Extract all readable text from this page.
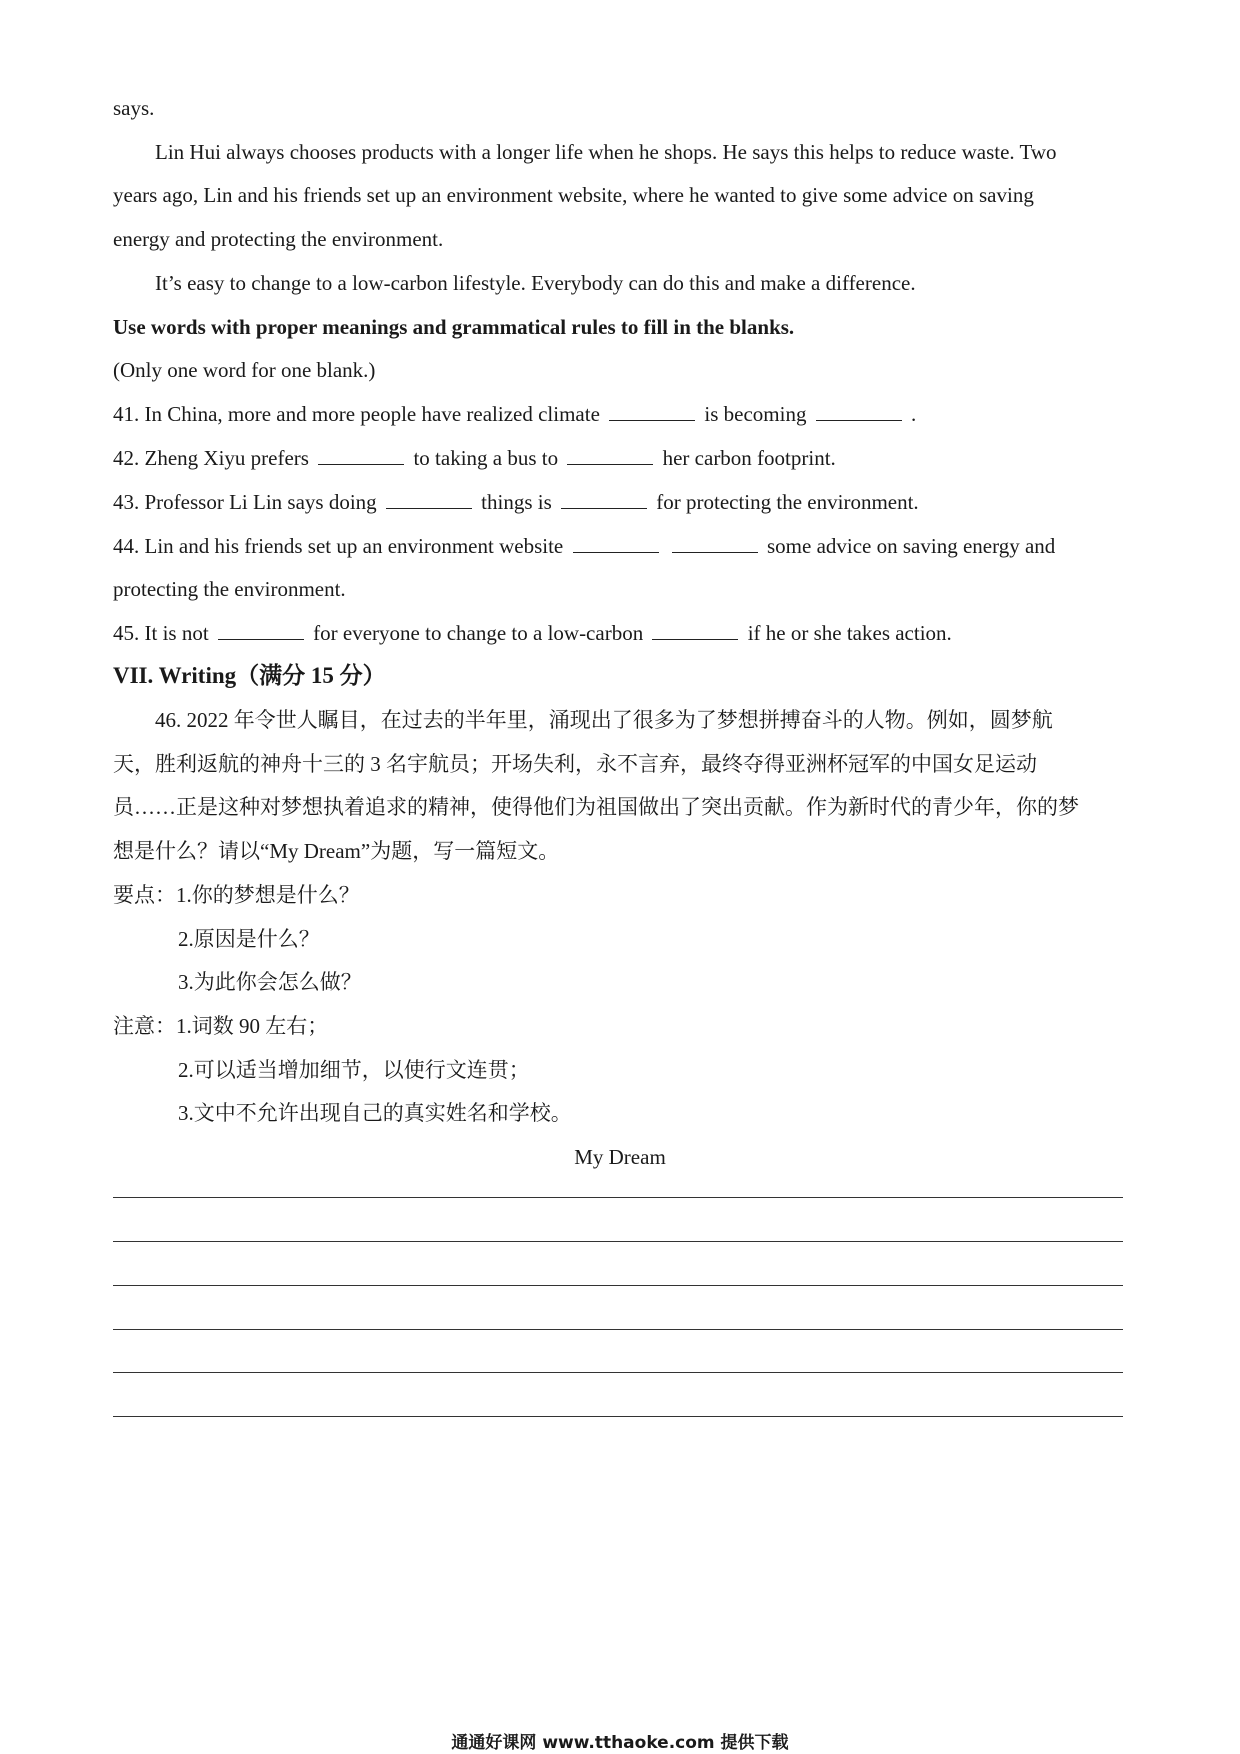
says.
Lin Hui always chooses products with a longer life when he shops. He says this helps to reduce waste. Two
years ago, Lin and his friends set up an environment website, where he wanted to give some advice on saving
energy and protecting the environment.
It’s easy to change to a low-carbon lifestyle. Everybody can do this and make a difference.
Use words with proper meanings and grammatical rules to fill in the blanks.
(Only one word for one blank.)
41. In China, more and more people have realized climate	is becoming	.
42. Zheng Xiyu prefers	to taking a bus to	her carbon footprint.
43. Professor Li Lin says doing	things is	for protecting the environment.
44. Lin and his friends set up an environment website	some advice on saving energy and
protecting the environment.
45. It is not	for everyone to change to a low-carbon	if he or she takes action.
VII. Writing（满分 15 分）
46. 2022 年令世人瞩目，在过去的半年里，涌现出了很多为了梦想拼搏奋斗的人物。例如，圆梦航
天，胜利返航的神舟十三的 3 名宇航员；开场失利，永不言弃，最终夺得亚洲杯冠军的中国女足运动
员……正是这种对梦想执着追求的精神，使得他们为祖国做出了突出贡献。作为新时代的青少年，你的梦
想是什么？请以“My Dream”为题，写一篇短文。
要点：1.你的梦想是什么？
2.原因是什么？
3.为此你会怎么做？
注意：1.词数 90 左右；
2.可以适当增加细节，以使行文连贯；
3.文中不允许出现自己的真实姓名和学校。
My Dream
通通好课网 www.tthaoke.com 提供下载
